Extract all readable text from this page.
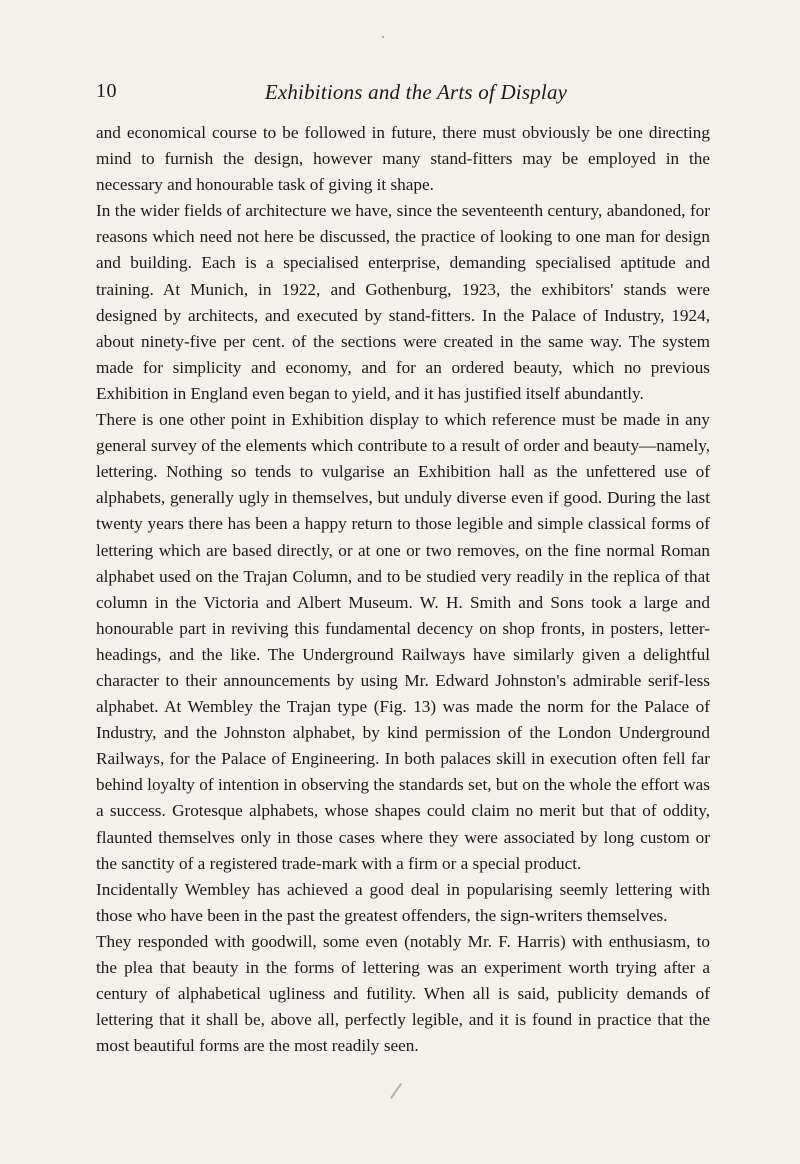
10	Exhibitions and the Arts of Display

and economical course to be followed in future, there must obviously be one directing mind to furnish the design, however many stand-fitters may be employed in the necessary and honourable task of giving it shape.

In the wider fields of architecture we have, since the seventeenth century, abandoned, for reasons which need not here be discussed, the practice of looking to one man for design and building. Each is a specialised enterprise, demanding specialised aptitude and training. At Munich, in 1922, and Gothenburg, 1923, the exhibitors' stands were designed by architects, and executed by stand-fitters. In the Palace of Industry, 1924, about ninety-five per cent. of the sections were created in the same way. The system made for simplicity and economy, and for an ordered beauty, which no previous Exhibition in England even began to yield, and it has justified itself abundantly.

There is one other point in Exhibition display to which reference must be made in any general survey of the elements which contribute to a result of order and beauty—namely, lettering. Nothing so tends to vulgarise an Exhibition hall as the unfettered use of alphabets, generally ugly in themselves, but unduly diverse even if good. During the last twenty years there has been a happy return to those legible and simple classical forms of lettering which are based directly, or at one or two removes, on the fine normal Roman alphabet used on the Trajan Column, and to be studied very readily in the replica of that column in the Victoria and Albert Museum. W. H. Smith and Sons took a large and honourable part in reviving this fundamental decency on shop fronts, in posters, letter-headings, and the like. The Underground Railways have similarly given a delightful character to their announcements by using Mr. Edward Johnston's admirable serif-less alphabet. At Wembley the Trajan type (Fig. 13) was made the norm for the Palace of Industry, and the Johnston alphabet, by kind permission of the London Underground Railways, for the Palace of Engineering. In both palaces skill in execution often fell far behind loyalty of intention in observing the standards set, but on the whole the effort was a success. Grotesque alphabets, whose shapes could claim no merit but that of oddity, flaunted themselves only in those cases where they were associated by long custom or the sanctity of a registered trade-mark with a firm or a special product.

Incidentally Wembley has achieved a good deal in popularising seemly lettering with those who have been in the past the greatest offenders, the sign-writers themselves.

They responded with goodwill, some even (notably Mr. F. Harris) with enthusiasm, to the plea that beauty in the forms of lettering was an experiment worth trying after a century of alphabetical ugliness and futility. When all is said, publicity demands of lettering that it shall be, above all, perfectly legible, and it is found in practice that the most beautiful forms are the most readily seen.
